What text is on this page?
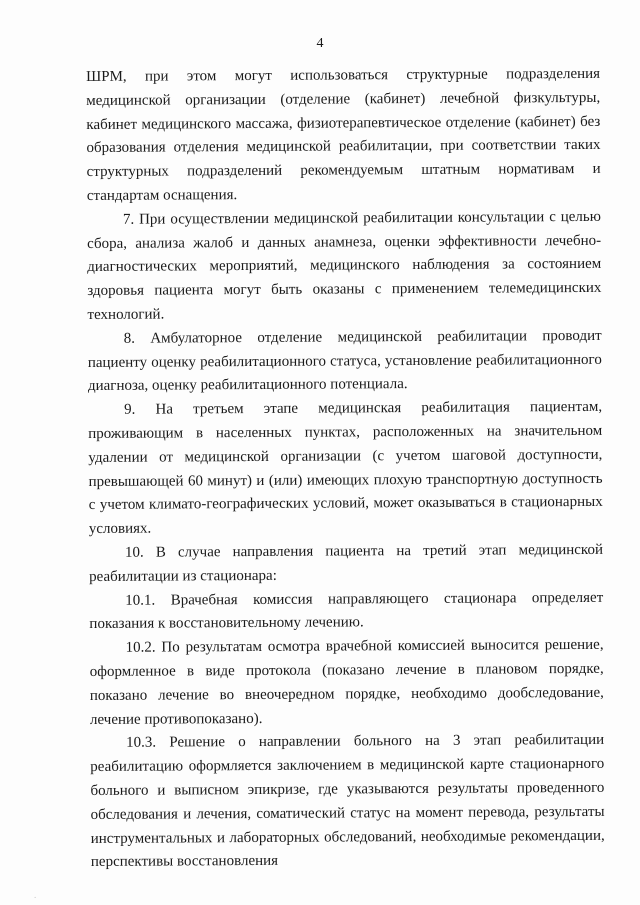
4

ШРМ, при этом могут использоваться структурные подразделения медицинской организации (отделение (кабинет) лечебной физкультуры, кабинет медицинского массажа, физиотерапевтическое отделение (кабинет) без образования отделения медицинской реабилитации, при соответствии таких структурных подразделений рекомендуемым штатным нормативам и стандартам оснащения.

7. При осуществлении медицинской реабилитации консультации с целью сбора, анализа жалоб и данных анамнеза, оценки эффективности лечебно-диагностических мероприятий, медицинского наблюдения за состоянием здоровья пациента могут быть оказаны с применением телемедицинских технологий.

8. Амбулаторное отделение медицинской реабилитации проводит пациенту оценку реабилитационного статуса, установление реабилитационного диагноза, оценку реабилитационного потенциала.

9. На третьем этапе медицинская реабилитация пациентам, проживающим в населенных пунктах, расположенных на значительном удалении от медицинской организации (с учетом шаговой доступности, превышающей 60 минут) и (или) имеющих плохую транспортную доступность с учетом климато-географических условий, может оказываться в стационарных условиях.

10. В случае направления пациента на третий этап медицинской реабилитации из стационара:

10.1. Врачебная комиссия направляющего стационара определяет показания к восстановительному лечению.

10.2. По результатам осмотра врачебной комиссией выносится решение, оформленное в виде протокола (показано лечение в плановом порядке, показано лечение во внеочередном порядке, необходимо дообследование, лечение противопоказано).

10.3. Решение о направлении больного на 3 этап реабилитации реабилитацию оформляется заключением в медицинской карте стационарного больного и выписном эпикризе, где указываются результаты проведенного обследования и лечения, соматический статус на момент перевода, результаты инструментальных и лабораторных обследований, необходимые рекомендации, перспективы восстановления

.
